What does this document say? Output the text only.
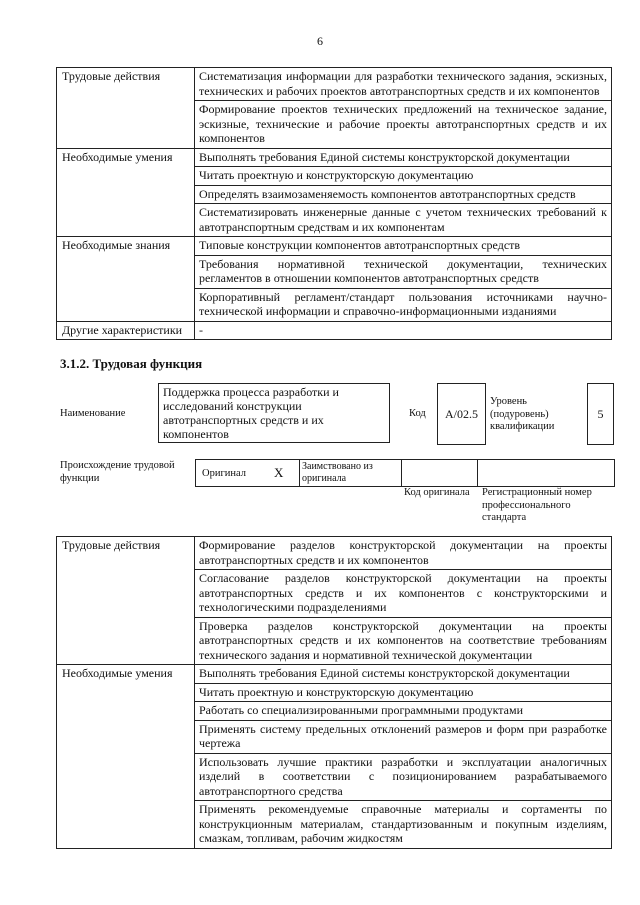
6
Трудовые действия	Систематизация информации для разработки технического задания, эскизных, технических и рабочих проектов автотранспортных средств и их компонентов
	Формирование проектов технических предложений на техническое задание, эскизные, технические и рабочие проекты автотранспортных средств и их компонентов
Необходимые умения	Выполнять требования Единой системы конструкторской документации
	Читать проектную и конструкторскую документацию
	Определять взаимозаменяемость компонентов автотранспортных средств
	Систематизировать инженерные данные с учетом технических требований к автотранспортным средствам и их компонентам
Необходимые знания	Типовые конструкции компонентов автотранспортных средств
	Требования нормативной технической документации, технических регламентов в отношении компонентов автотранспортных средств
	Корпоративный регламент/стандарт пользования источниками научно-технической информации и справочно-информационными изданиями
Другие характеристики	-
3.1.2. Трудовая функция
Наименование
Поддержка процесса разработки и исследований конструкции автотранспортных средств и их компонентов
Код	A/02.5
Уровень (подуровень) квалификации
5
Происхождение трудовой функции	Оригинал X Заимствовано из оригинала
Код оригинала Регистрационный номер профессионального стандарта
Трудовые действия	Формирование разделов конструкторской документации на проекты автотранспортных средств и их компонентов
	Согласование разделов конструкторской документации на проекты автотранспортных средств и их компонентов с конструкторскими и технологическими подразделениями
	Проверка разделов конструкторской документации на проекты автотранспортных средств и их компонентов на соответствие требованиям технического задания и нормативной технической документации
Необходимые умения	Выполнять требования Единой системы конструкторской документации
	Читать проектную и конструкторскую документацию
	Работать со специализированными программными продуктами
	Применять систему предельных отклонений размеров и форм при разработке чертежа
	Использовать лучшие практики разработки и эксплуатации аналогичных изделий в соответствии с позиционированием разрабатываемого автотранспортного средства
	Применять рекомендуемые справочные материалы и сортаменты по конструкционным материалам, стандартизованным и покупным изделиям, смазкам, топливам, рабочим жидкостям
